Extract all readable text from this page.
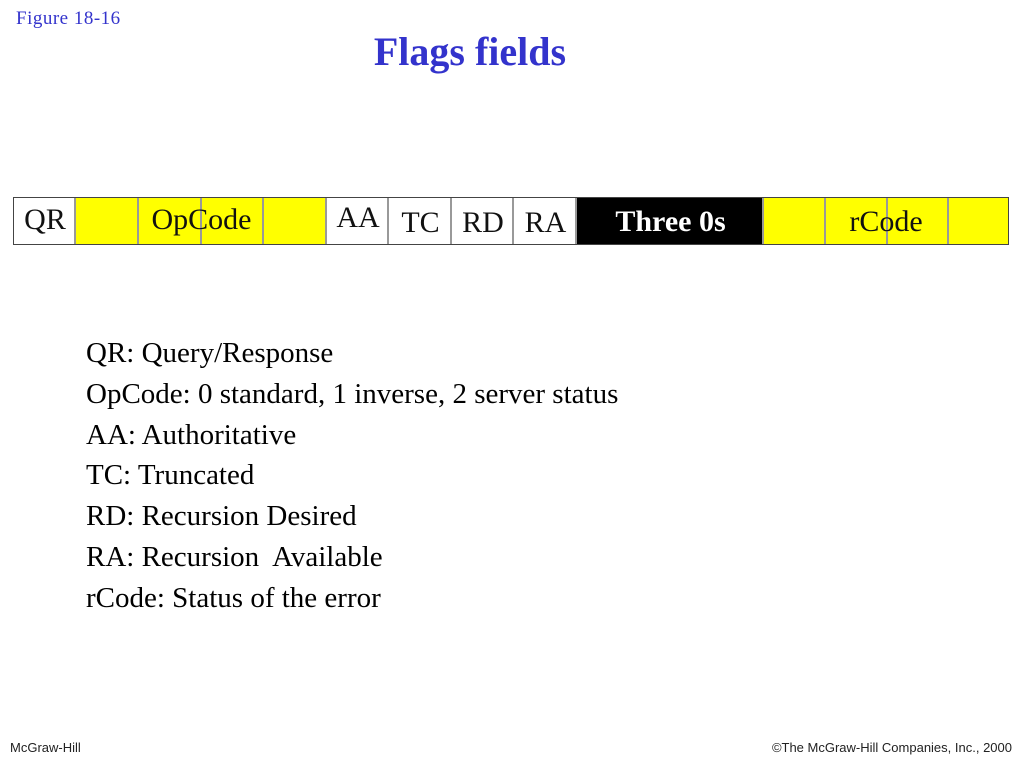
Figure 18-16
Flags fields
QR	OpCode	AA TC RD RA	Three 0s	rCode
QR: Query/Response
OpCode: 0 standard, 1 inverse, 2 server status
AA: Authoritative
TC: Truncated
RD: Recursion Desired
RA: Recursion  Available
rCode: Status of the error
McGraw-Hill	©The McGraw-Hill Companies, Inc., 2000
